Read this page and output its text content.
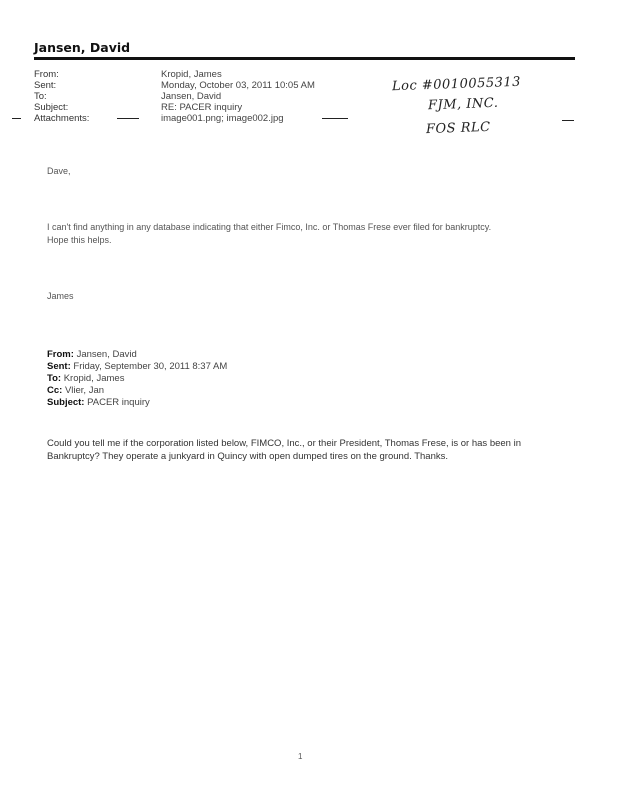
Jansen, David
From:	Kropid, James
Sent:	Monday, October 03, 2011 10:05 AM
To:	Jansen, David
Subject:	RE: PACER inquiry
Attachments:	image001.png; image002.jpg
Loc #0010055313
FJM, INC.
FOS RLC
Dave,
I can't find anything in any database indicating that either Fimco, Inc. or Thomas Frese ever filed for bankruptcy.
Hope this helps.
James
From: Jansen, David
Sent: Friday, September 30, 2011 8:37 AM
To: Kropid, James
Cc: Vlier, Jan
Subject: PACER inquiry
Could you tell me if the corporation listed below, FIMCO, Inc., or their President, Thomas Frese, is or has been in
Bankruptcy? They operate a junkyard in Quincy with open dumped tires on the ground. Thanks.
1
